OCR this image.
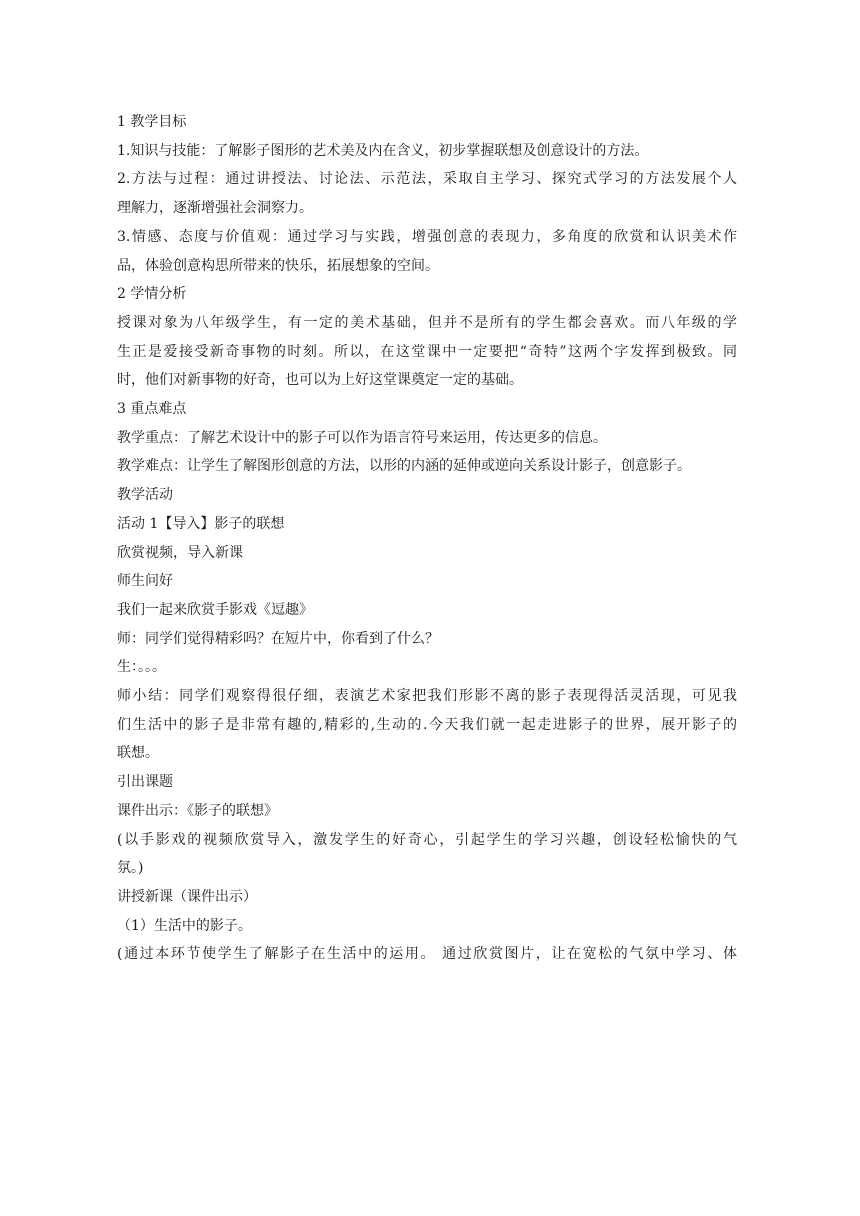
1 教学目标

1.知识与技能：了解影子图形的艺术美及内在含义，初步掌握联想及创意设计的方法。

2.方法与过程：通过讲授法、讨论法、示范法，采取自主学习、探究式学习的方法发展个人

理解力，逐渐增强社会洞察力。

3.情感、态度与价值观：通过学习与实践，增强创意的表现力，多角度的欣赏和认识美术作

品，体验创意构思所带来的快乐，拓展想象的空间。

2 学情分析

授课对象为八年级学生，有一定的美术基础，但并不是所有的学生都会喜欢。而八年级的学

生正是爱接受新奇事物的时刻。所以，在这堂课中一定要把“奇特”这两个字发挥到极致。同

时，他们对新事物的好奇，也可以为上好这堂课奠定一定的基础。

3 重点难点

教学重点：了解艺术设计中的影子可以作为语言符号来运用，传达更多的信息。

教学难点：让学生了解图形创意的方法，以形的内涵的延伸或逆向关系设计影子，创意影子。

教学活动

活动 1【导入】影子的联想

欣赏视频，导入新课

师生问好

我们一起来欣赏手影戏《逗趣》

师：同学们觉得精彩吗？在短片中，你看到了什么？

生：。。。

师小结：同学们观察得很仔细，表演艺术家把我们形影不离的影子表现得活灵活现，可见我

们生活中的影子是非常有趣的,精彩的,生动的.今天我们就一起走进影子的世界，展开影子的

联想。

引出课题

课件出示：《影子的联想》

(以手影戏的视频欣赏导入，激发学生的好奇心，引起学生的学习兴趣，创设轻松愉快的气

氛。)

讲授新课（课件出示）

（1）生活中的影子。

(通过本环节使学生了解影子在生活中的运用。 通过欣赏图片，让在宽松的气氛中学习、体
